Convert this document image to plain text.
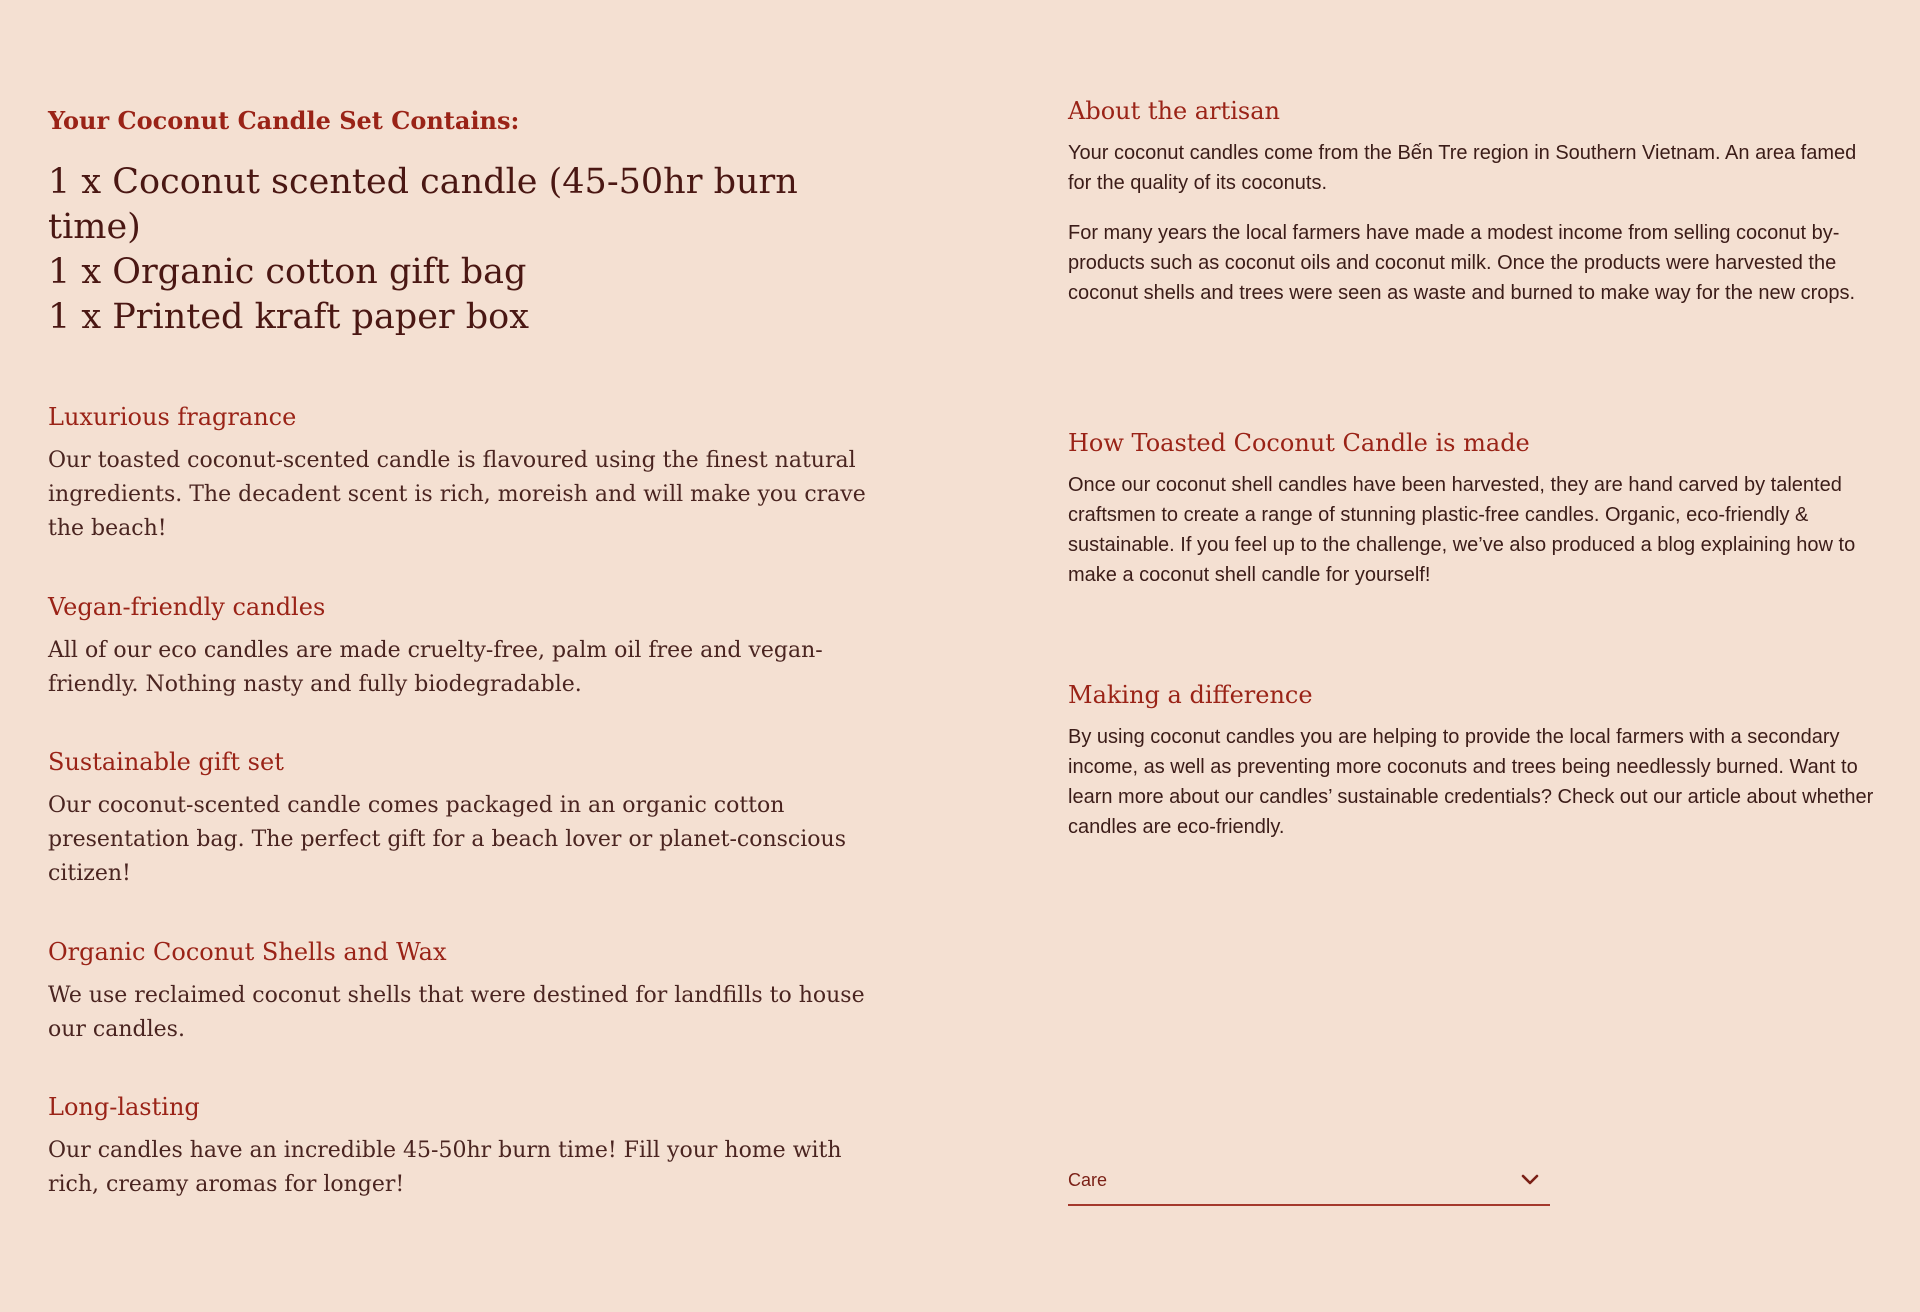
Your Coconut Candle Set Contains:
1 x Coconut scented candle (45-50hr burn time)
1 x Organic cotton gift bag
1 x Printed kraft paper box
Luxurious fragrance

Our toasted coconut-scented candle is flavoured using the finest natural ingredients. The decadent scent is rich, moreish and will make you crave the beach!

Vegan-friendly candles

All of our eco candles are made cruelty-free, palm oil free and vegan-friendly. Nothing nasty and fully biodegradable.

Sustainable gift set

Our coconut-scented candle comes packaged in an organic cotton presentation bag. The perfect gift for a beach lover or planet-conscious citizen!

Organic Coconut Shells and Wax

We use reclaimed coconut shells that were destined for landfills to house our candles.

Long-lasting

Our candles have an incredible 45-50hr burn time! Fill your home with rich, creamy aromas for longer!

About the artisan

Your coconut candles come from the Bến Tre region in Southern Vietnam. An area famed for the quality of its coconuts.

For many years the local farmers have made a modest income from selling coconut by-products such as coconut oils and coconut milk. Once the products were harvested the coconut shells and trees were seen as waste and burned to make way for the new crops.

How Toasted Coconut Candle is made

Once our coconut shell candles have been harvested, they are hand carved by talented craftsmen to create a range of stunning plastic-free candles. Organic, eco-friendly & sustainable. If you feel up to the challenge, we’ve also produced a blog explaining how to make a coconut shell candle for yourself!

Making a difference

By using coconut candles you are helping to provide the local farmers with a secondary income, as well as preventing more coconuts and trees being needlessly burned. Want to learn more about our candles’ sustainable credentials? Check out our article about whether candles are eco-friendly.

Care
